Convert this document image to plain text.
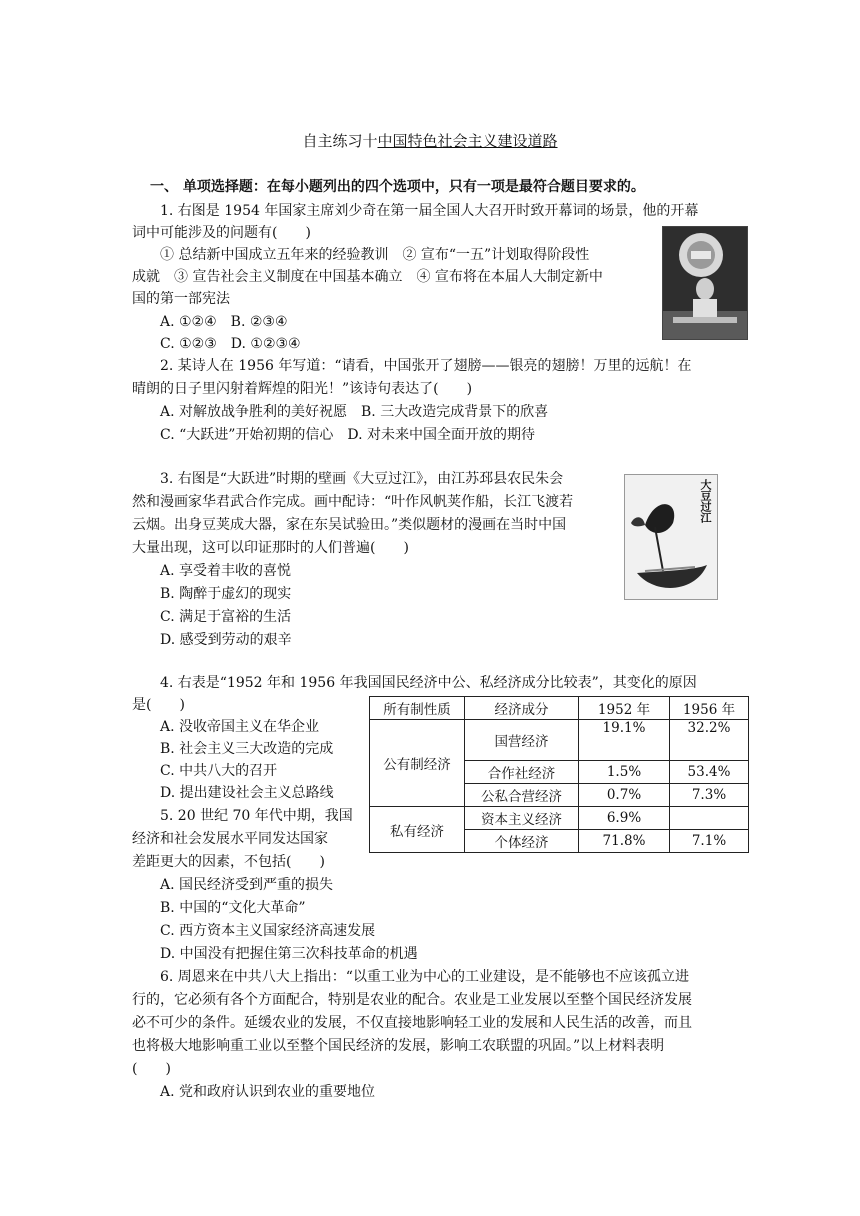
自主练习十中国特色社会主义建设道路
一、 单项选择题：在每小题列出的四个选项中，只有一项是最符合题目要求的。
1. 右图是 1954 年国家主席刘少奇在第一届全国人大召开时致开幕词的场景，他的开幕
词中可能涉及的问题有(　　)
① 总结新中国成立五年来的经验教训　② 宣布“一五”计划取得阶段性
成就　③ 宣告社会主义制度在中国基本确立　④ 宣布将在本届人大制定新中
国的第一部宪法
A. ①②④　B. ②③④
C. ①②③　D. ①②③④
2. 某诗人在 1956 年写道：“请看，中国张开了翅膀——银亮的翅膀！万里的远航！在
晴朗的日子里闪射着辉煌的阳光！”该诗句表达了(　　)
A. 对解放战争胜利的美好祝愿　B. 三大改造完成背景下的欣喜
C. “大跃进”开始初期的信心　D. 对未来中国全面开放的期待
3. 右图是“大跃进”时期的壁画《大豆过江》，由江苏邳县农民朱会
然和漫画家华君武合作完成。画中配诗：“叶作风帆荚作船，长江飞渡若
云烟。出身豆荚成大器，家在东吴试验田。”类似题材的漫画在当时中国
大量出现，这可以印证那时的人们普遍(　　)
A. 享受着丰收的喜悦
B. 陶醉于虚幻的现实
C. 满足于富裕的生活
D. 感受到劳动的艰辛
大豆过江
4. 右表是“1952 年和 1956 年我国国民经济中公、私经济成分比较表”，其变化的原因
是(　　)
A. 没收帝国主义在华企业
B. 社会主义三大改造的完成
C. 中共八大的召开
D. 提出建设社会主义总路线
所有制性质	经济成分	1952 年	1956 年
公有制经济	国营经济	19.1%	32.2%
	合作社经济	1.5%	53.4%
	公私合营经济	0.7%	7.3%
私有经济	资本主义经济	6.9%	
	个体经济	71.8%	7.1%
5. 20 世纪 70 年代中期，我国
经济和社会发展水平同发达国家
差距更大的因素，不包括(　　)
A. 国民经济受到严重的损失
B. 中国的“文化大革命”
C. 西方资本主义国家经济高速发展
D. 中国没有把握住第三次科技革命的机遇
6. 周恩来在中共八大上指出：“以重工业为中心的工业建设，是不能够也不应该孤立进
行的，它必须有各个方面配合，特别是农业的配合。农业是工业发展以至整个国民经济发展
必不可少的条件。延缓农业的发展，不仅直接地影响轻工业的发展和人民生活的改善，而且
也将极大地影响重工业以至整个国民经济的发展，影响工农联盟的巩固。”以上材料表明
(　　)
A. 党和政府认识到农业的重要地位
